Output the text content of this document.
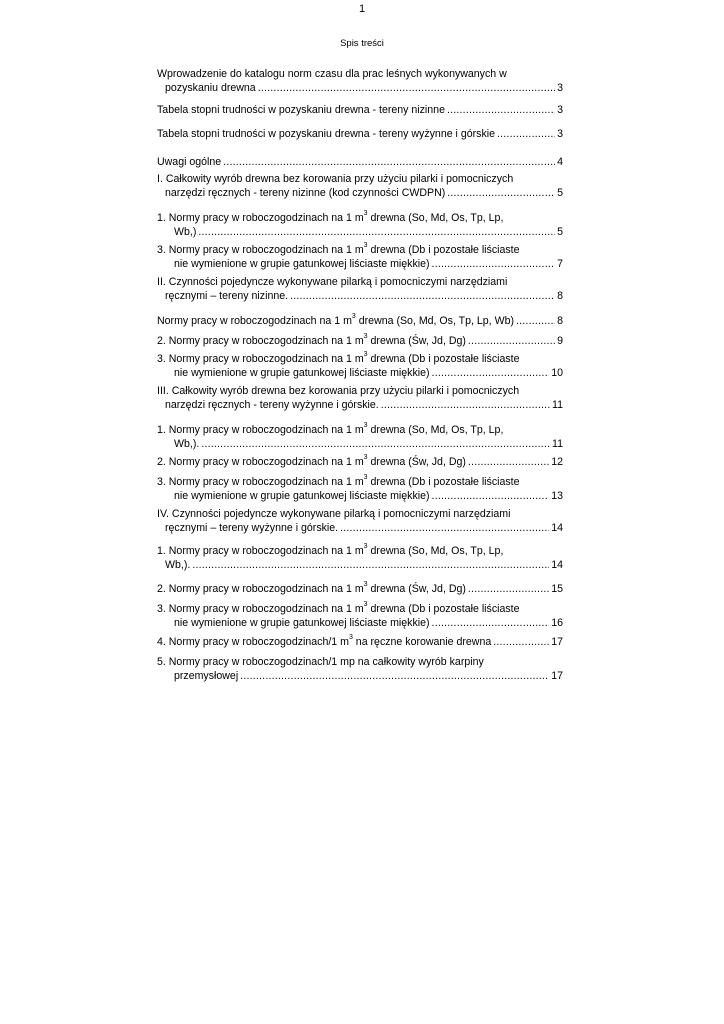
1
Spis treści
Wprowadzenie do katalogu norm czasu dla prac leśnych wykonywanych w
pozyskaniu drewna .....	3
Tabela stopni trudności w pozyskaniu drewna - tereny nizinne .....	3
Tabela stopni trudności w pozyskaniu drewna - tereny wyżynne i górskie .....	3
Uwagi ogólne .....	4
I. Całkowity wyrób drewna bez korowania przy użyciu pilarki i pomocniczych
narzędzi ręcznych - tereny nizinne (kod czynności CWDPN) .....	5
1. Normy pracy w roboczogodzinach na 1 $m^3$ drewna (So, Md, Os, Tp, Lp,
Wb,) .....	5
3. Normy pracy w roboczogodzinach na 1 $m^3$ drewna (Db i pozostałe liściaste
nie wymienione w grupie gatunkowej liściaste miękkie) .....	7
II. Czynności pojedyncze wykonywane pilarką i pomocniczymi narzędziami
ręcznymi – tereny nizinne. .....	8
Normy pracy w roboczogodzinach na 1 $m^3$ drewna (So, Md, Os, Tp, Lp, Wb) .....	8
2. Normy pracy w roboczogodzinach na 1 $m^3$ drewna (Św, Jd, Dg) .....	9
3. Normy pracy w roboczogodzinach na 1 $m^3$ drewna (Db i pozostałe liściaste
nie wymienione w grupie gatunkowej liściaste miękkie) .....	10
III. Całkowity wyrób drewna bez korowania przy użyciu pilarki i pomocniczych
narzędzi ręcznych - tereny wyżynne i górskie. .....	11
1. Normy pracy w roboczogodzinach na 1 $m^3$ drewna (So, Md, Os, Tp, Lp,
Wb,). .....	11
2. Normy pracy w roboczogodzinach na 1 $m^3$ drewna (Św, Jd, Dg) .....	12
3. Normy pracy w roboczogodzinach na 1 $m^3$ drewna (Db i pozostałe liściaste
nie wymienione w grupie gatunkowej liściaste miękkie) .....	13
IV. Czynności pojedyncze wykonywane pilarką i pomocniczymi narzędziami
ręcznymi – tereny wyżynne i górskie. .....	14
1. Normy pracy w roboczogodzinach na 1 $m^3$ drewna (So, Md, Os, Tp, Lp,
Wb,). .....	14
2. Normy pracy w roboczogodzinach na 1 $m^3$ drewna (Św, Jd, Dg) .....	15
3. Normy pracy w roboczogodzinach na 1 $m^3$ drewna (Db i pozostałe liściaste
nie wymienione w grupie gatunkowej liściaste miękkie) .....	16
4. Normy pracy w roboczogodzinach/1 $m^3$ na ręczne korowanie drewna .....	17
5. Normy pracy w roboczogodzinach/1 mp na całkowity wyrób karpiny
przemysłowej .....	17
